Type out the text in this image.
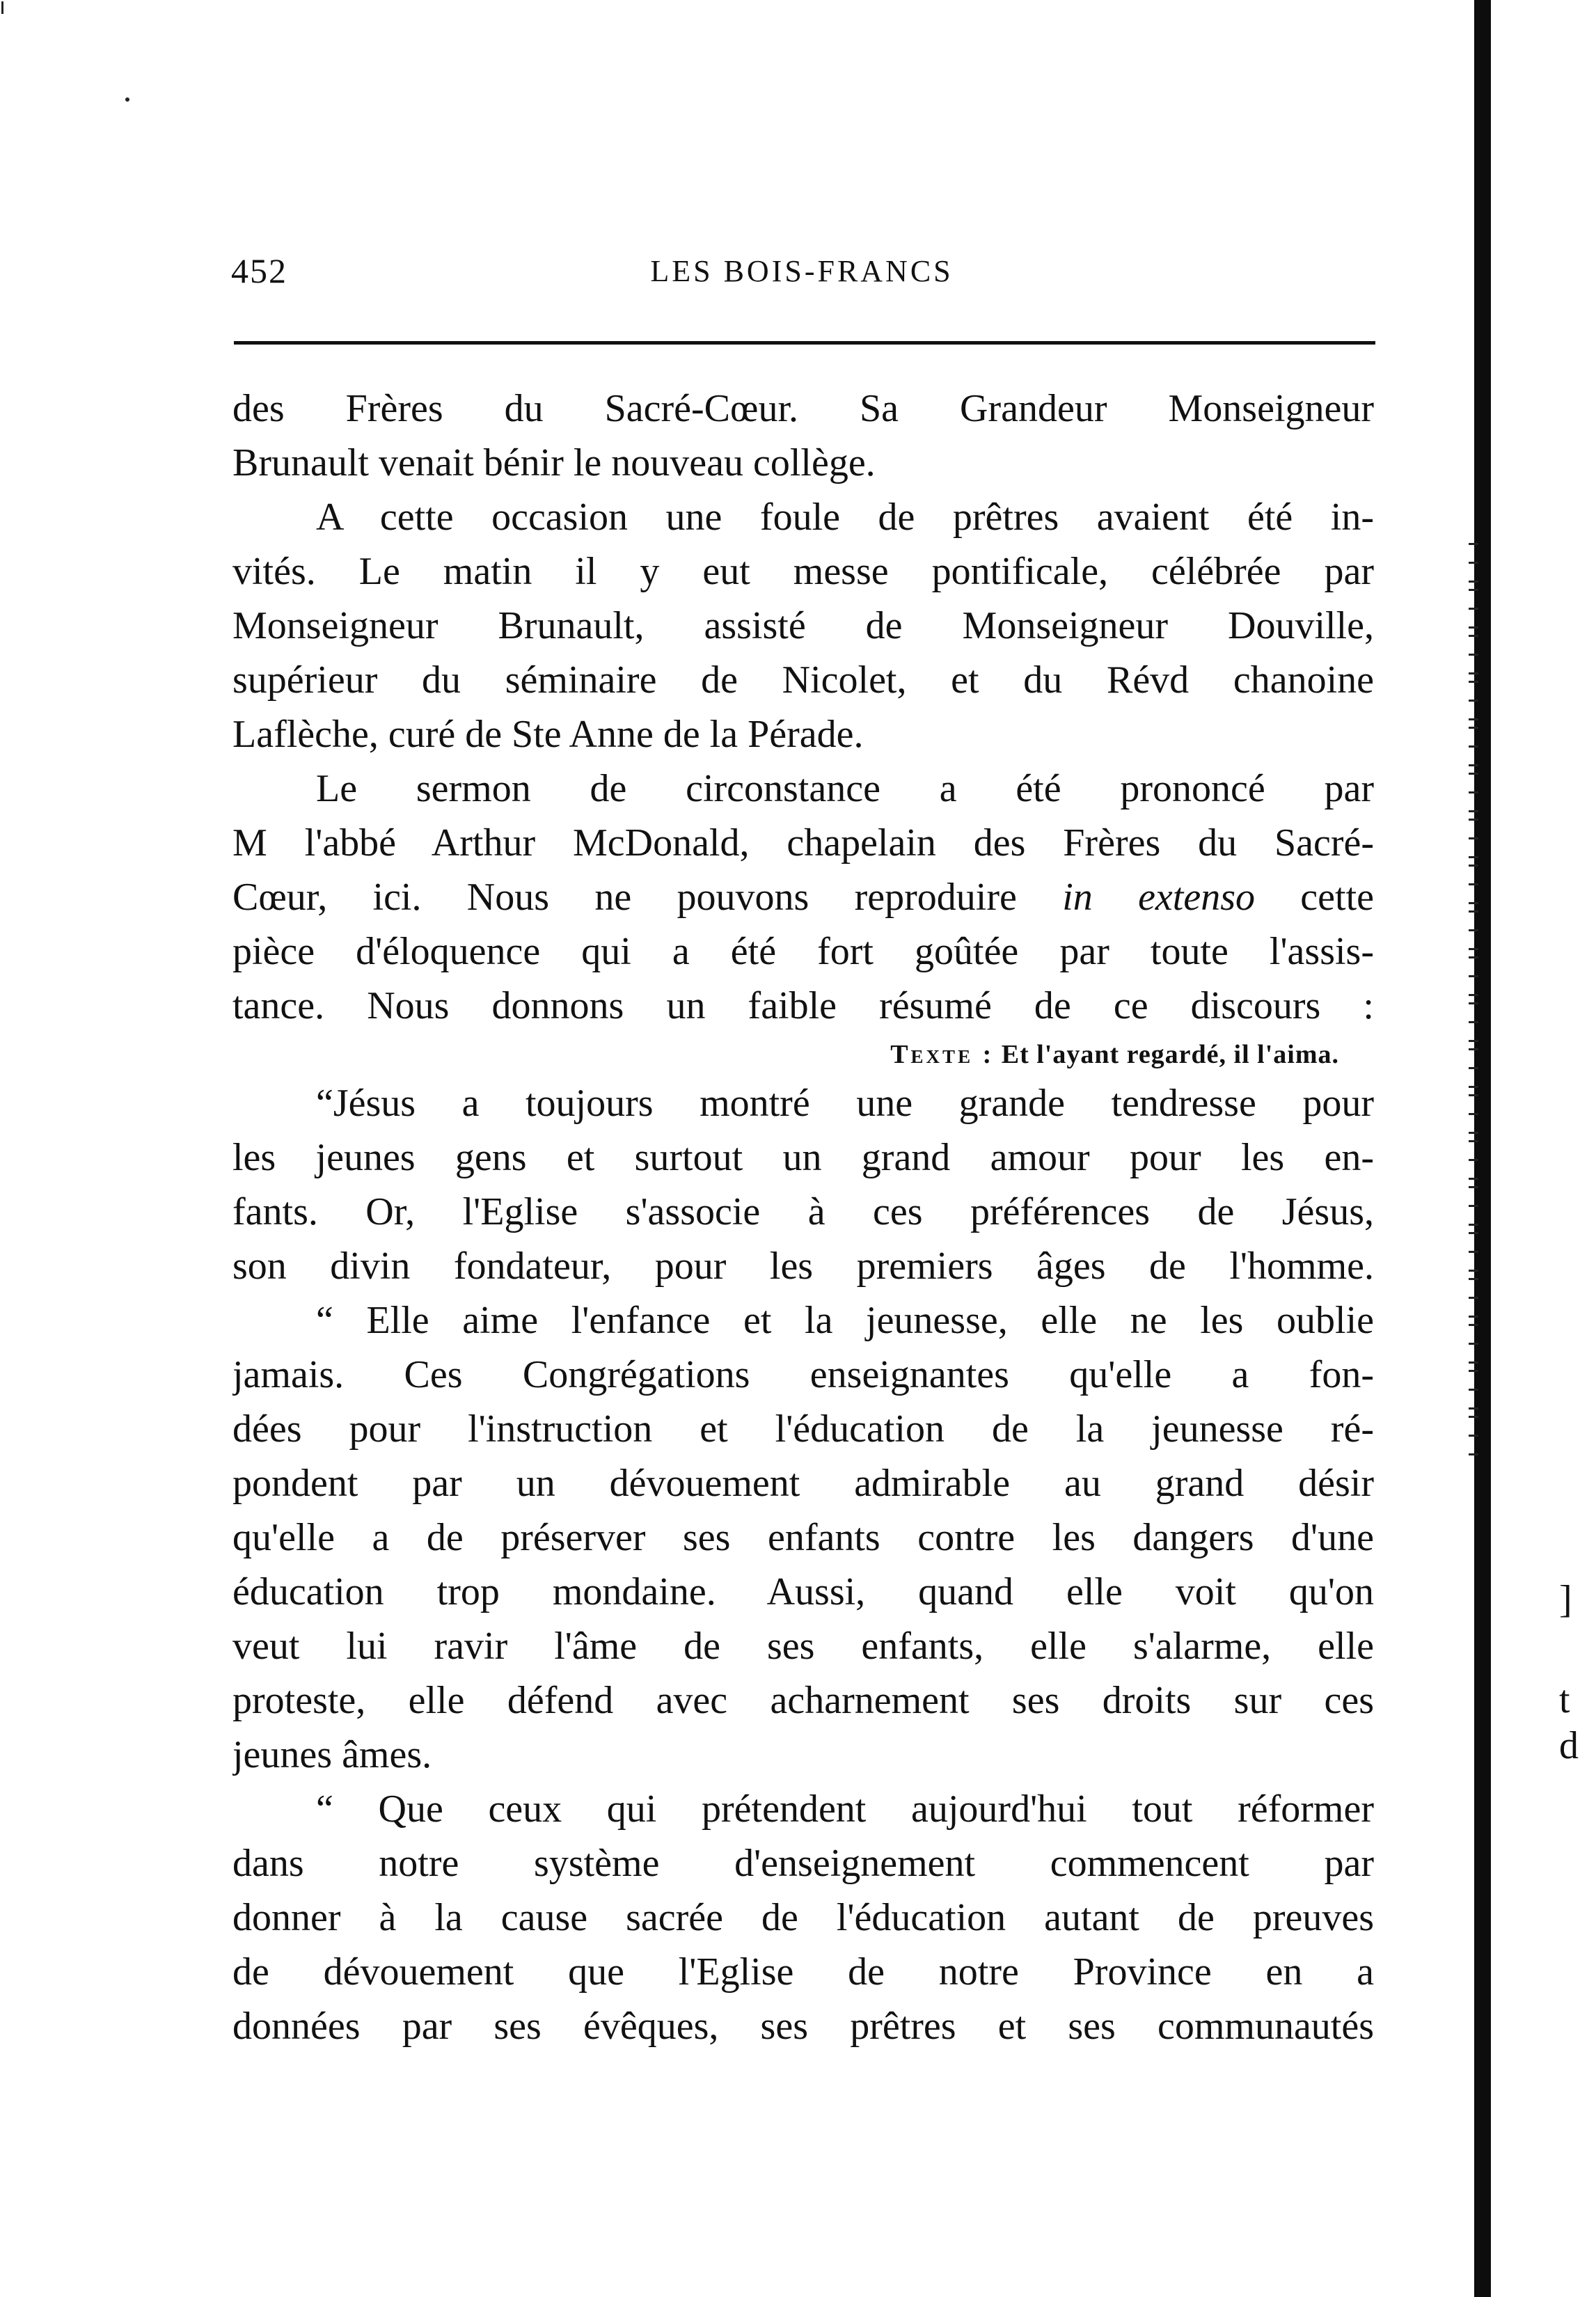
]
t
d
452	LES BOIS-FRANCS
des Frères du Sacré-Cœur. Sa Grandeur Monseigneur
Brunault venait bénir le nouveau collège.
A cette occasion une foule de prêtres avaient été in-
vités. Le matin il y eut messe pontificale, célébrée par
Monseigneur Brunault, assisté de Monseigneur Douville,
supérieur du séminaire de Nicolet, et du Révd chanoine
Laflèche, curé de Ste Anne de la Pérade.
Le sermon de circonstance a été prononcé par
M l'abbé Arthur McDonald, chapelain des Frères du Sacré-
Cœur, ici. Nous ne pouvons reproduire in extenso cette
pièce d'éloquence qui a été fort goûtée par toute l'assis-
tance. Nous donnons un faible résumé de ce discours :
Texte : Et l'ayant regardé, il l'aima.
“Jésus a toujours montré une grande tendresse pour
les jeunes gens et surtout un grand amour pour les en-
fants. Or, l'Eglise s'associe à ces préférences de Jésus,
son divin fondateur, pour les premiers âges de l'homme.
“ Elle aime l'enfance et la jeunesse, elle ne les oublie
jamais. Ces Congrégations enseignantes qu'elle a fon-
dées pour l'instruction et l'éducation de la jeunesse ré-
pondent par un dévouement admirable au grand désir
qu'elle a de préserver ses enfants contre les dangers d'une
éducation trop mondaine. Aussi, quand elle voit qu'on
veut lui ravir l'âme de ses enfants, elle s'alarme, elle
proteste, elle défend avec acharnement ses droits sur ces
jeunes âmes.
“ Que ceux qui prétendent aujourd'hui tout réformer
dans notre système d'enseignement commencent par
donner à la cause sacrée de l'éducation autant de preuves
de dévouement que l'Eglise de notre Province en a
données par ses évêques, ses prêtres et ses communautés
